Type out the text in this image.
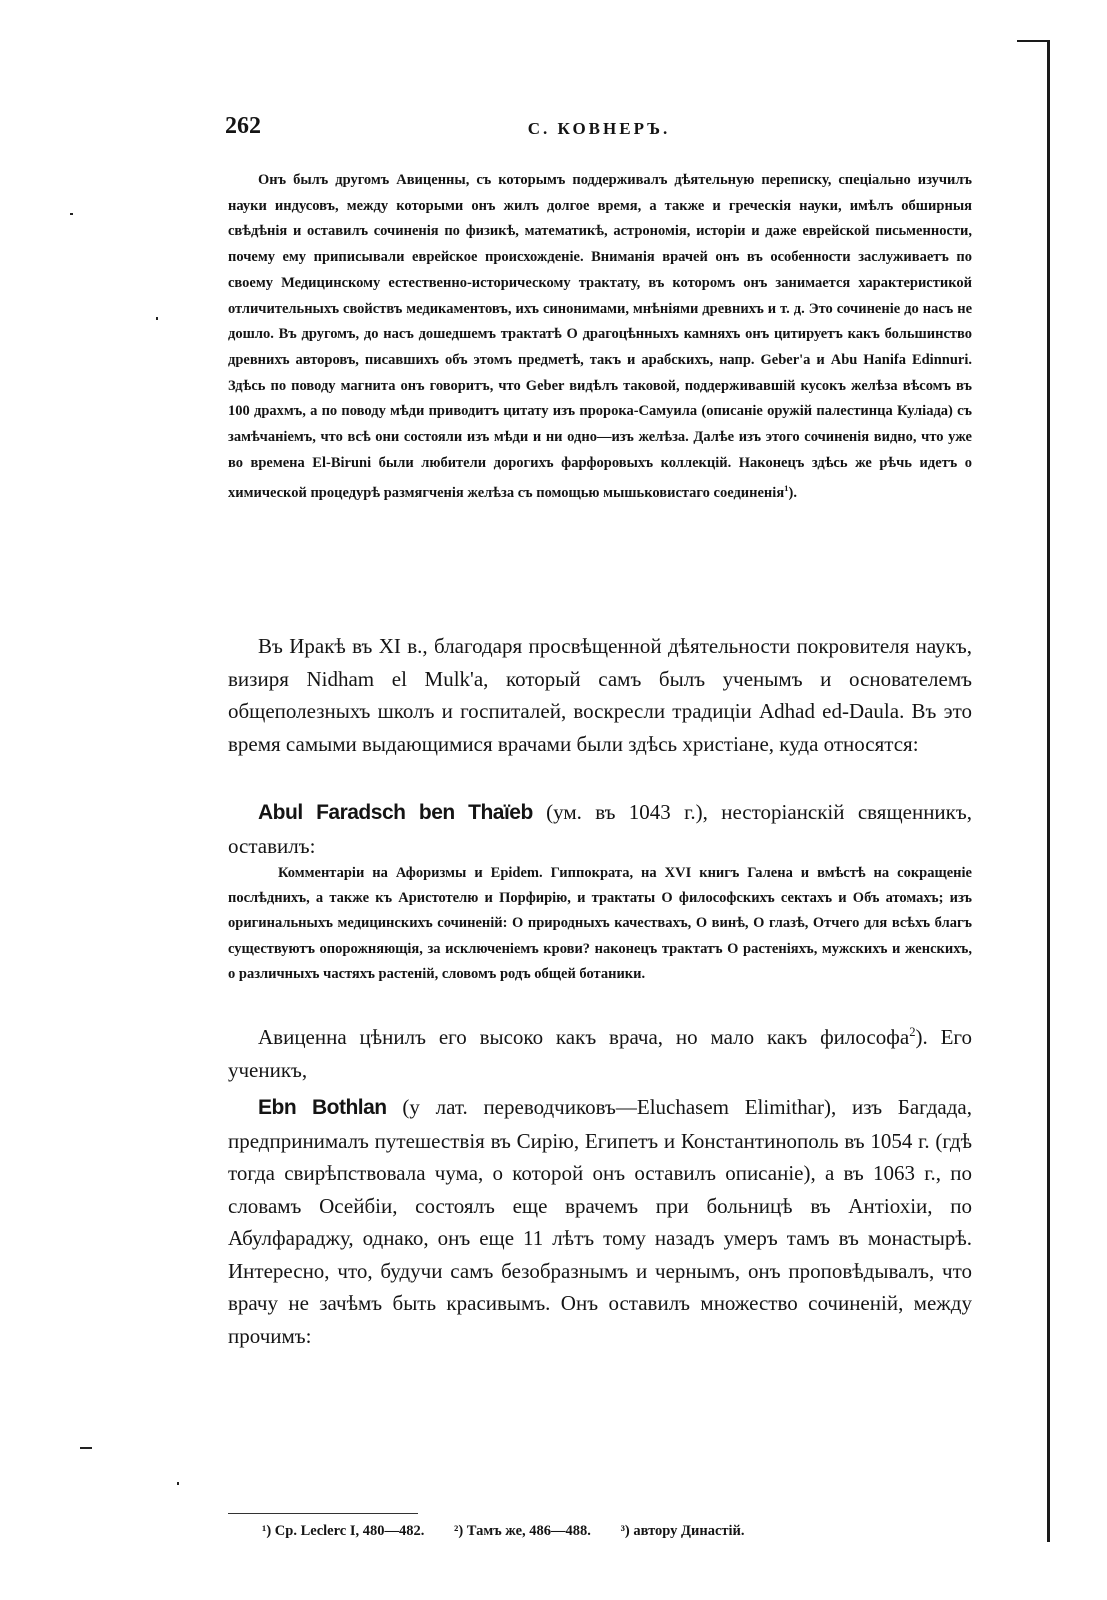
262	С. КОВНЕРЪ.

Онъ былъ другомъ Авиценны, съ которымъ поддерживалъ дѣятельную переписку, спеціально изучилъ науки индусовъ, между которыми онъ жилъ долгое время, а также и греческія науки, имѣлъ обширныя свѣдѣнія и оставилъ сочиненія по физикѣ, математикѣ, астрономія, исторіи и даже еврейской письменности, почему ему приписывали еврейское происхожденіе. Вниманія врачей онъ въ особенности заслуживаетъ по своему Медицинскому естественно-историческому трактату, въ которомъ онъ занимается характеристикой отличительныхъ свойствъ медикаментовъ, ихъ синонимами, мнѣніями древнихъ и т. д. Это сочиненіе до насъ не дошло. Въ другомъ, до насъ дошедшемъ трактатѣ О драгоцѣнныхъ камняхъ онъ цитируетъ какъ большинство древнихъ авторовъ, писавшихъ объ этомъ предметѣ, такъ и арабскихъ, напр. Geber'а и Abu Hanifa Edinnuri. Здѣсь по поводу магнита онъ говоритъ, что Geber видѣлъ таковой, поддерживавшій кусокъ желѣза вѣсомъ въ 100 драхмъ, а по поводу мѣди приводитъ цитату изъ пророка-Самуила (описаніе оружій палестинца Куліада) съ замѣчаніемъ, что всѣ они состояли изъ мѣди и ни одно—изъ желѣза. Далѣе изъ этого сочиненія видно, что уже во времена El-Biruni были любители дорогихъ фарфоровыхъ коллекцій. Наконецъ здѣсь же рѣчь идетъ о химической процедурѣ размягченія желѣза съ помощью мышьковистаго соединенія$^1$).

Въ Иракѣ въ XI в., благодаря просвѣщенной дѣятельности покровителя наукъ, визиря Nidham el Mulk'a, который самъ былъ ученымъ и основателемъ общеполезныхъ школъ и госпиталей, воскресли традиціи Adhad ed-Daula. Въ это время самыми выдающимися врачами были здѣсь христіане, куда относятся:

Abul Faradsch ben Thaïeb (ум. въ 1043 г.), несторіанскій священникъ, оставилъ:

Комментаріи на Афоризмы и Epidem. Гиппократа, на XVI книгъ Галена и вмѣстѣ на сокращеніе послѣднихъ, а также къ Аристотелю и Порфирію, и трактаты О философскихъ сектахъ и Объ атомахъ; изъ оригинальныхъ медицинскихъ сочиненій: О природныхъ качествахъ, О винѣ, О глазѣ, Отчего для всѣхъ благъ существуютъ опорожняющія, за исключеніемъ крови? наконецъ трактатъ О растеніяхъ, мужскихъ и женскихъ, о различныхъ частяхъ растеній, словомъ родъ общей ботаники.

Авиценна цѣнилъ его высоко какъ врача, но мало какъ философа$^2$). Его ученикъ,

Ebn Bothlan (у лат. переводчиковъ—Eluchasem Elimithar), изъ Багдада, предпринималъ путешествія въ Сирію, Египетъ и Константинополь въ 1054 г. (гдѣ тогда свирѣпствовала чума, о которой онъ оставилъ описаніе), а въ 1063 г., по словамъ Осейбіи, состоялъ еще врачемъ при больницѣ въ Антіохіи, по Абулфараджу, однако, онъ еще 11 лѣтъ тому назадъ умеръ тамъ въ монастырѣ. Интересно, что, будучи самъ безобразнымъ и чернымъ, онъ проповѣдывалъ, что врачу не зачѣмъ быть красивымъ. Онъ оставилъ множество сочиненій, между прочимъ:

¹) Ср. Leclerc I, 480—482. ²) Тамъ же, 486—488. ³) автору Династій.
